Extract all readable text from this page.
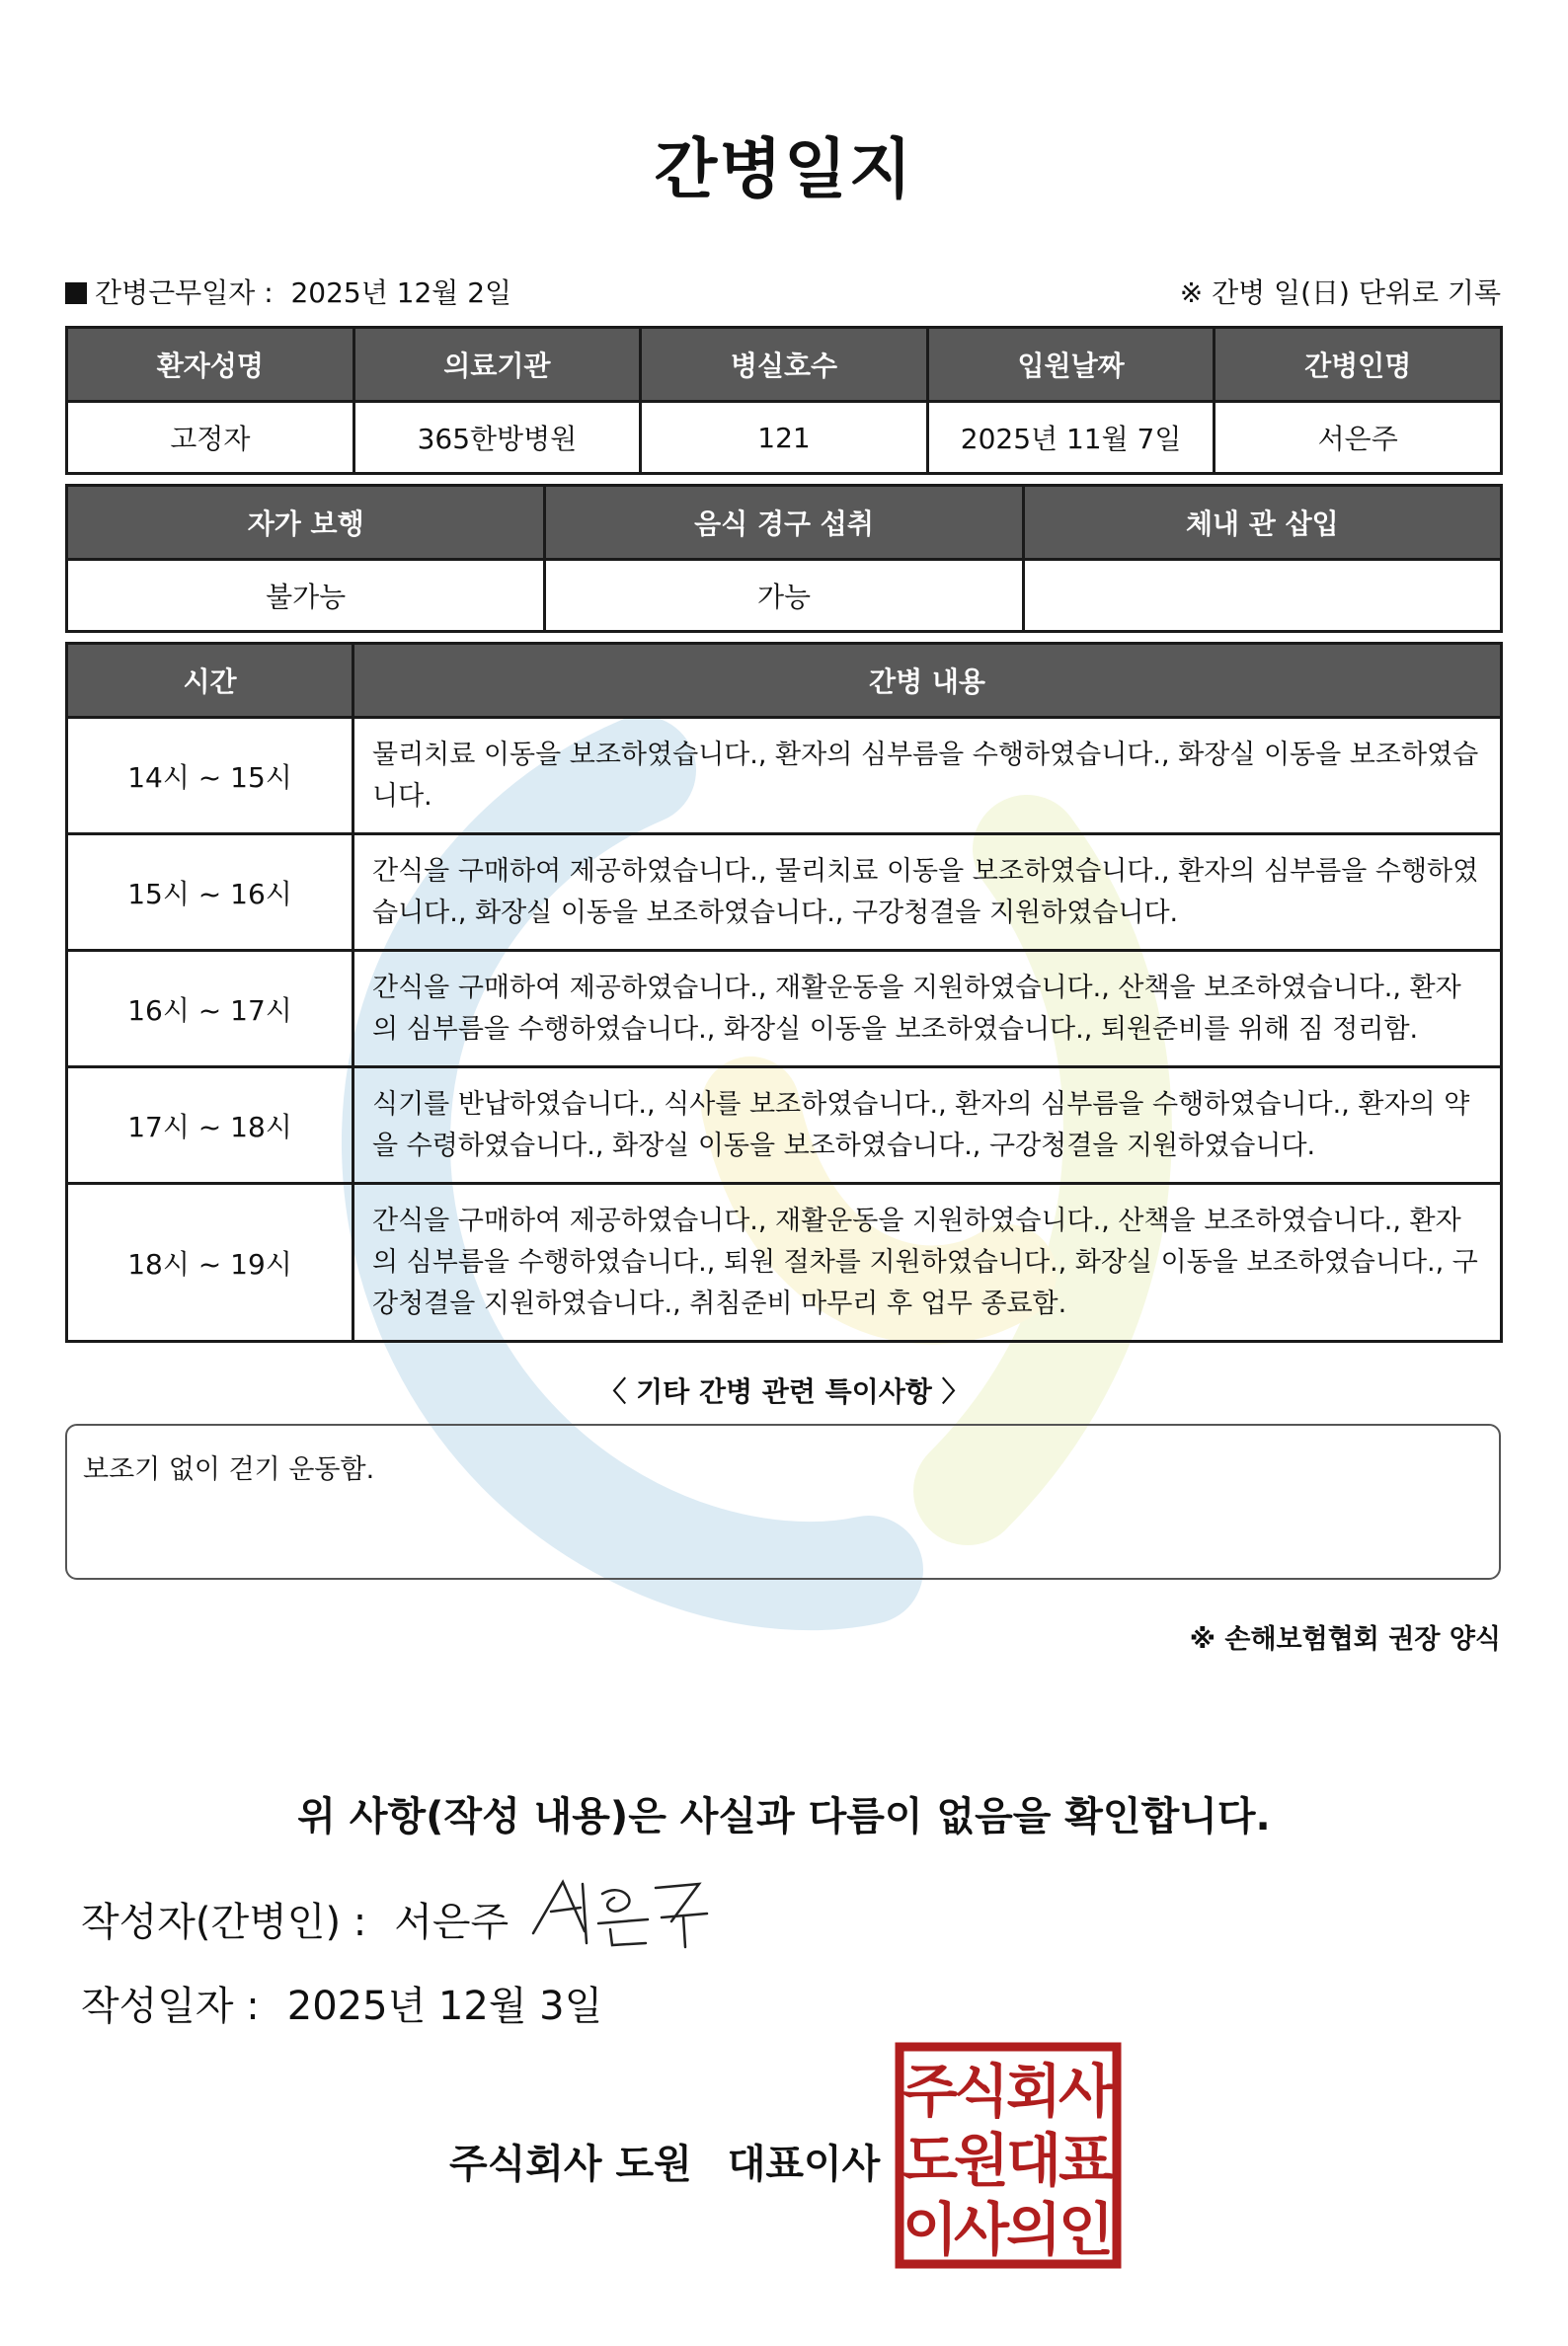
간병일지
간병근무일자 : 2025년 12월 2일	※ 간병 일(日) 단위로 기록
환자성명	의료기관	병실호수	입원날짜	간병인명
고정자	365한방병원	121	2025년 11월 7일	서은주
자가 보행	음식 경구 섭취	체내 관 삽입
불가능	가능	
시간	간병 내용
14시 ~ 15시	물리치료 이동을 보조하였습니다., 환자의 심부름을 수행하였습니다., 화장실 이동을 보조하였습니다.
15시 ~ 16시	간식을 구매하여 제공하였습니다., 물리치료 이동을 보조하였습니다., 환자의 심부름을 수행하였습니다., 화장실 이동을 보조하였습니다., 구강청결을 지원하였습니다.
16시 ~ 17시	간식을 구매하여 제공하였습니다., 재활운동을 지원하였습니다., 산책을 보조하였습니다., 환자의 심부름을 수행하였습니다., 화장실 이동을 보조하였습니다., 퇴원준비를 위해 짐 정리함.
17시 ~ 18시	식기를 반납하였습니다., 식사를 보조하였습니다., 환자의 심부름을 수행하였습니다., 환자의 약을 수령하였습니다., 화장실 이동을 보조하였습니다., 구강청결을 지원하였습니다.
18시 ~ 19시	간식을 구매하여 제공하였습니다., 재활운동을 지원하였습니다., 산책을 보조하였습니다., 환자의 심부름을 수행하였습니다., 퇴원 절차를 지원하였습니다., 화장실 이동을 보조하였습니다., 구강청결을 지원하였습니다., 취침준비 마무리 후 업무 종료함.
〈 기타 간병 관련 특이사항 〉
보조기 없이 걷기 운동함.
※ 손해보험협회 권장 양식
위 사항(작성 내용)은 사실과 다름이 없음을 확인합니다.
작성자(간병인) : 서은주
작성일자 : 2025년 12월 3일
주식회사 도원 대표이사
주
식
회
사
도
원
대
표
이
사
의
인
